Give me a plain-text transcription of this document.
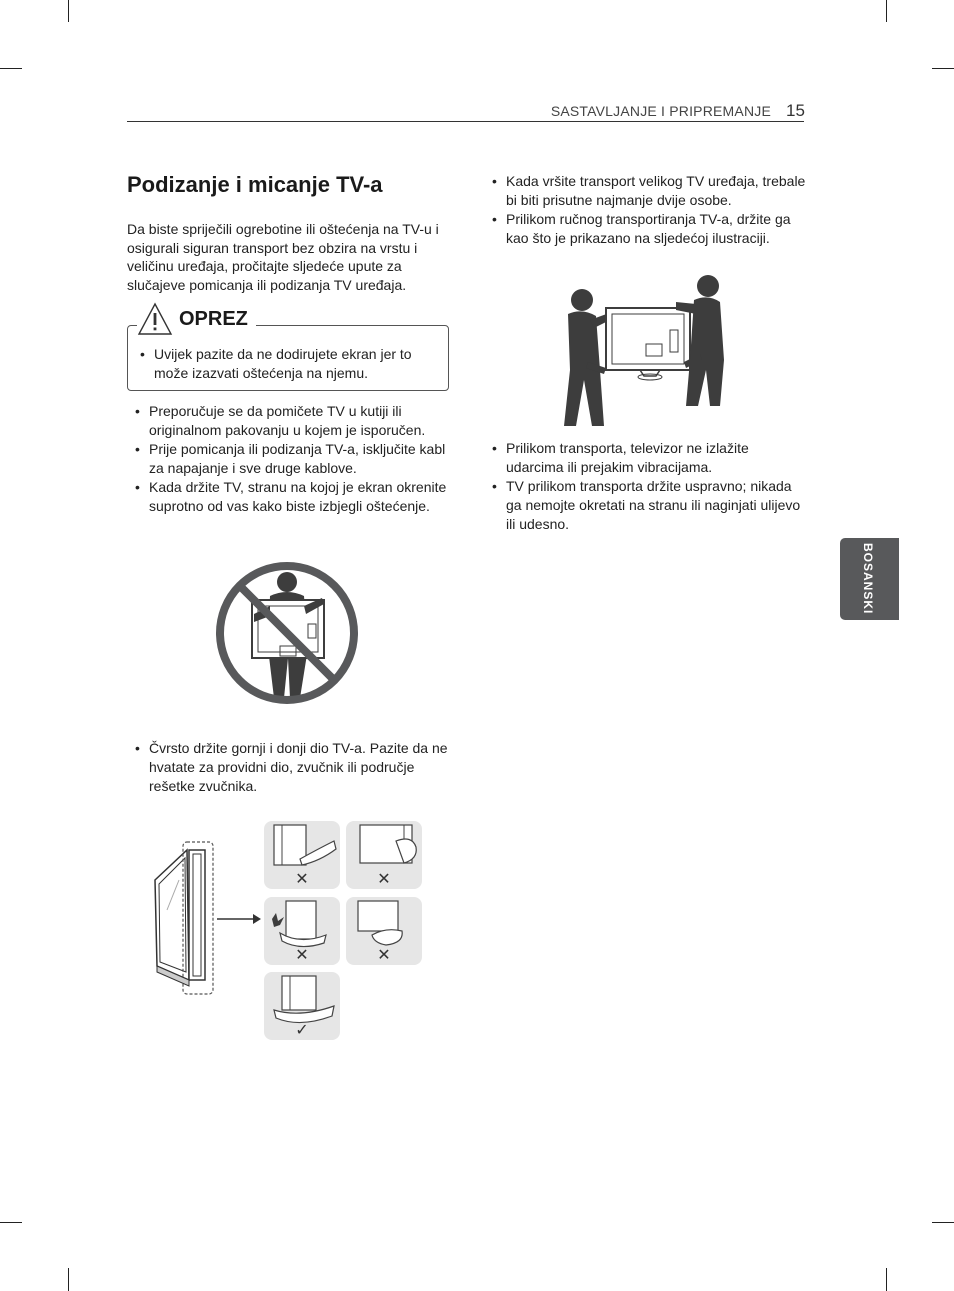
SASTAVLJANJE I PRIPREMANJE 15
Podizanje i micanje TV-a

Da biste spriječili ogrebotine ili oštećenja na TV-u i osigurali siguran transport bez obzira na vrstu i veličinu uređaja, pročitajte sljedeće upute za slučajeve pomicanja ili podizanja TV uređaja.

OPREZ
• Uvijek pazite da ne dodirujete ekran jer to može izazvati oštećenja na njemu.
• Preporučuje se da pomičete TV u kutiji ili originalnom pakovanju u kojem je isporučen.
• Prije pomicanja ili podizanja TV-a, isključite kabl za napajanje i sve druge kablove.
• Kada držite TV, stranu na kojoj je ekran okrenite suprotno od vas kako biste izbjegli oštećenje.
• Čvrsto držite gornji i donji dio TV-a. Pazite da ne hvatate za providni dio, zvučnik ili područje rešetke zvučnika.
✕	✕
✕	✕
✓
• Kada vršite transport velikog TV uređaja, trebale bi biti prisutne najmanje dvije osobe.
• Prilikom ručnog transportiranja TV-a, držite ga kao što je prikazano na sljedećoj ilustraciji.
• Prilikom transporta, televizor ne izlažite udarcima ili prejakim vibracijama.
• TV prilikom transporta držite uspravno; nikada ga nemojte okretati na stranu ili naginjati ulijevo ili udesno.
BOSANSKI
